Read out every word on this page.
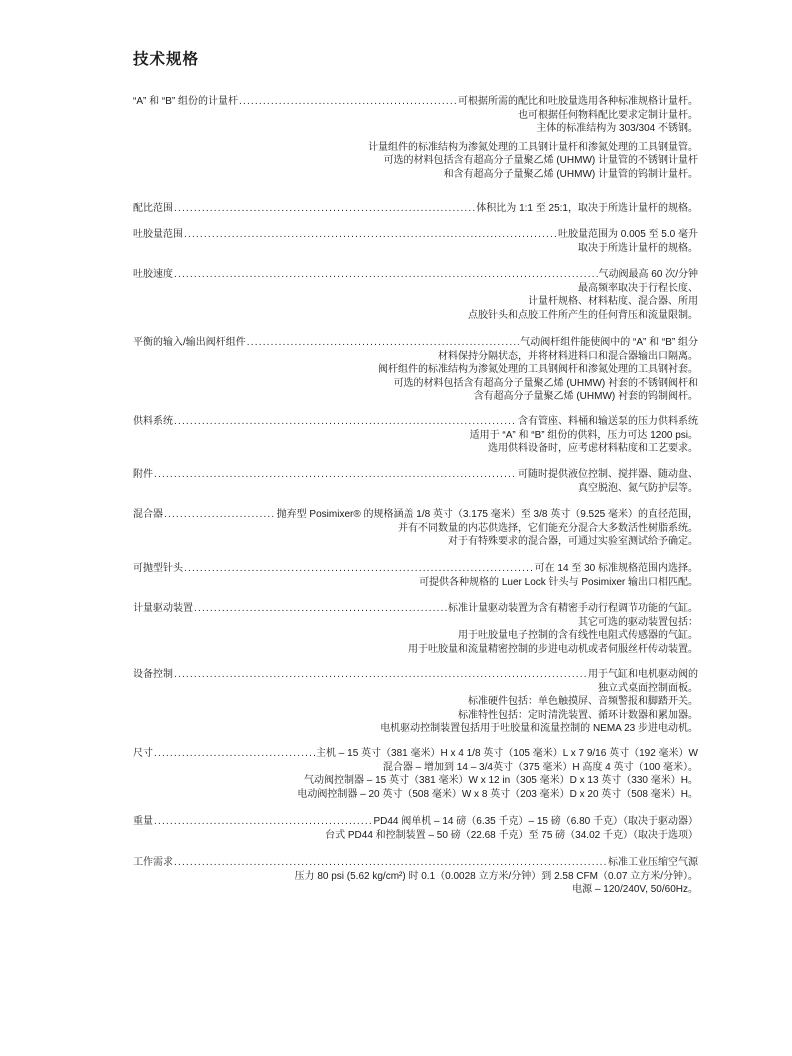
技术规格
“A” 和 “B” 组份的计量杆 .....	可根据所需的配比和吐胶量选用各种标准规格计量杆。
也可根据任何物料配比要求定制计量杆。
主体的标准结构为 303/304 不锈钢。
计量组件的标准结构为渗氮处理的工具钢计量杆和渗氮处理的工具钢量管。
可选的材料包括含有超高分子量聚乙烯 (UHMW) 计量管的不锈钢计量杆
和含有超高分子量聚乙烯 (UHMW) 计量管的钨制计量杆。
配比范围 .....	体积比为 1:1 至 25:1，取决于所选计量杆的规格。
吐胶量范围 .....	吐胶量范围为 0.005 至 5.0 毫升
取决于所选计量杆的规格。
吐胶速度 .....	气动阀最高 60 次/分钟
最高频率取决于行程长度、
计量杆规格、材料粘度、混合器、所用
点胶针头和点胶工件所产生的任何背压和流量限制。
平衡的输入/输出阀杆组件 .....	气动阀杆组件能使阀中的 “A” 和 “B” 组分
材料保持分隔状态，并将材料进料口和混合器输出口隔离。
阀杆组件的标准结构为渗氮处理的工具钢阀杆和渗氮处理的工具钢衬套。
可选的材料包括含有超高分子量聚乙烯 (UHMW) 衬套的不锈钢阀杆和
含有超高分子量聚乙烯 (UHMW) 衬套的钨制阀杆。
供料系统 .....	含有管座、料桶和输送泵的压力供料系统
适用于 “A” 和 “B” 组份的供料，压力可达 1200 psi。
选用供料设备时，应考虑材料粘度和工艺要求。
附件 .....	可随时提供液位控制、搅拌器、随动盘、
真空脱泡、氮气防护层等。
混合器 .....	抛弃型 Posimixer® 的规格涵盖 1/8 英寸（3.175 毫米）至 3/8 英寸（9.525 毫米）的直径范围，
并有不同数量的内芯供选择，它们能充分混合大多数活性树脂系统。
对于有特殊要求的混合器，可通过实验室测试给予确定。
可抛型针头 .....	可在 14 至 30 标准规格范围内选择。
可提供各种规格的 Luer Lock 针头与 Posimixer 输出口相匹配。
计量驱动装置 .....	标准计量驱动装置为含有精密手动行程调节功能的气缸。
其它可选的驱动装置包括：
用于吐胶量电子控制的含有线性电阻式传感器的气缸。
用于吐胶量和流量精密控制的步进电动机或者伺服丝杆传动装置。
设备控制 .....	用于气缸和电机驱动阀的
独立式桌面控制面板。
标准硬件包括：单色触摸屏、音频警报和脚踏开关。
标准特性包括：定时清洗装置、循环计数器和累加器。
电机驱动控制装置包括用于吐胶量和流量控制的 NEMA 23 步进电动机。
尺寸 .....	主机 – 15 英寸（381 毫米）H x 4 1/8 英寸（105 毫米）L x 7 9/16 英寸（192 毫米）W
混合器 – 增加到 14 – 3/4英寸（375 毫米）H 高度 4 英寸（100 毫米）。
气动阀控制器 – 15 英寸（381 毫米）W x 12 in（305 毫米）D x 13 英寸（330 毫米）H。
电动阀控制器 – 20 英寸（508 毫米）W x 8 英寸（203 毫米）D x 20 英寸（508 毫米）H。
重量 .....	PD44 阀单机 – 14 磅（6.35 千克）– 15 磅（6.80 千克）（取决于驱动器）
台式 PD44 和控制装置 – 50 磅（22.68 千克）至 75 磅（34.02 千克）（取决于选项）
工作需求 .....	标准工业压缩空气源
压力 80 psi (5.62 kg/cm²) 时 0.1（0.0028 立方米/分钟）到 2.58 CFM（0.07 立方米/分钟）。
电源 – 120/240V, 50/60Hz。
